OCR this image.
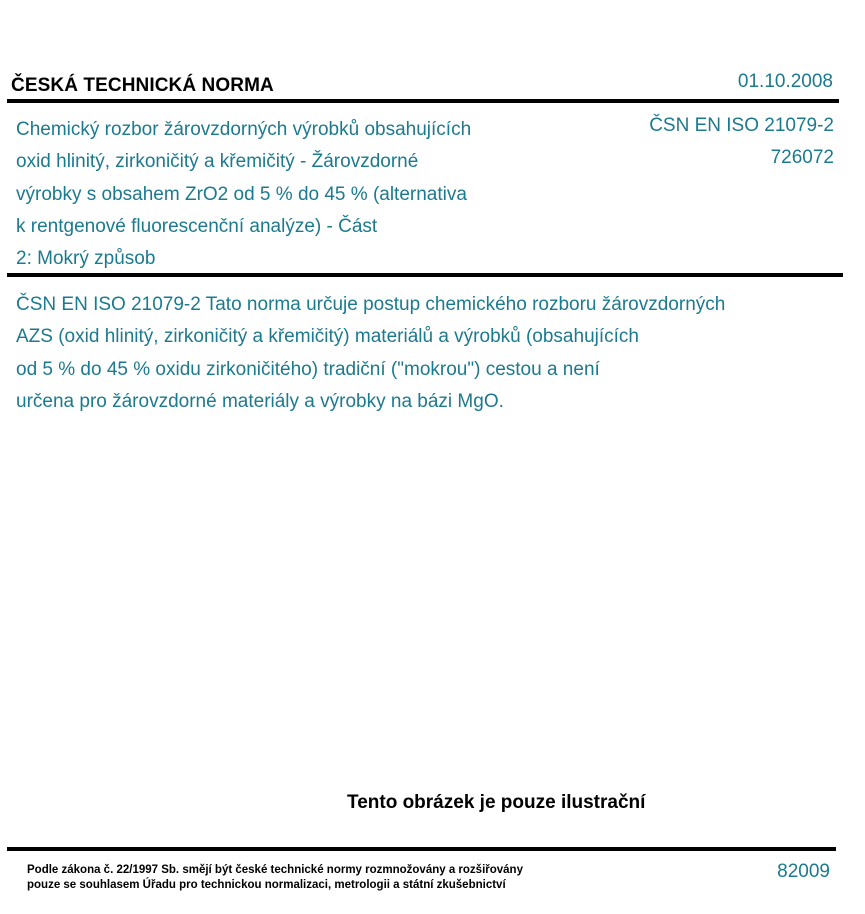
ČESKÁ TECHNICKÁ NORMA	01.10.2008
Chemický rozbor žárovzdorných výrobků obsahujících
oxid hlinitý, zirkoničitý a křemičitý - Žárovzdorné
výrobky s obsahem ZrO2 od 5 % do 45 % (alternativa
k rentgenové fluorescenční analýze) - Část
2: Mokrý způsob
ČSN EN ISO 21079-2
726072
ČSN EN ISO 21079-2 Tato norma určuje postup chemického rozboru žárovzdorných
AZS (oxid hlinitý, zirkoničitý a křemičitý) materiálů a výrobků (obsahujících
od 5 % do 45 % oxidu zirkoničitého) tradiční ("mokrou") cestou a není
určena pro žárovzdorné materiály a výrobky na bázi MgO.
Tento obrázek je pouze ilustrační
Podle zákona č. 22/1997 Sb. smějí být české technické normy rozmnožovány a rozšiřovány
pouze se souhlasem Úřadu pro technickou normalizaci, metrologii a státní zkušebnictví
82009
